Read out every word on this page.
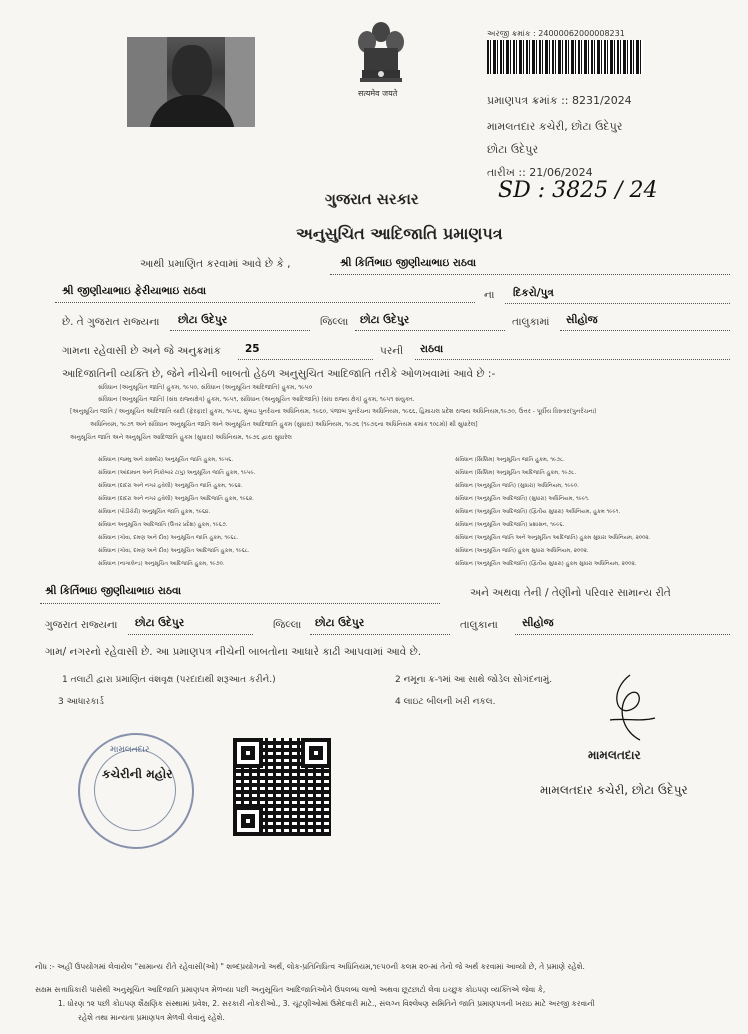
सत्यमेव जयते
અરજી ક્રમાંક : 24000062000008231
પ્રમાણપત્ર ક્રમાંક :: 8231/2024
મામલતદાર કચેરી, છોટા ઉદેપુર
છોટા ઉદેપુર
તારીખ :: 21/06/2024
SD : 3825 / 24
ગુજરાત સરકાર
અનુસુચિત આદિજાતિ પ્રમાણપત્ર
આથી પ્રમાણિત કરવામાં આવે છે કે ,	શ્રી કિર્તિભાઇ જીણીયાભાઇ રાઠવા
શ્રી જીણીયાભાઇ ફેરીયાભાઇ રાઠવા	ના દિકરો/પુત્ર
છે. તે ગુજરાત રાજ્યના છોટા ઉદેપુર	જિલ્લા છોટા ઉદેપુર	તાલુકામાં સીહોજ
ગામના રહેવાસી છે અને જે અનુક્રમાંક 25	પરની રાઠવા
આદિજાતિની વ્યક્તિ છે, જેને નીચેની બાબતો હેઠળ અનુસુચિત આદિજાતિ તરીકે ઓળખવામાં આવે છે :-
સંવિધાન (અનુસૂચિત જાતિ) હુકમ, ૧૯૫૦, સંવિધાન (અનુસૂચિત આદિજાતિ) હુકમ, ૧૯૫૦
સંવિધાન (અનુસૂચિત જાતિ) (સંઘ રાજ્યક્ષેત્ર) હુકમ, ૧૯૫૧, સંવિધાન (અનુસૂચિત આદિજાતિ) (સંઘ રાજ્ય ક્ષેત્ર) હુકમ, ૧૯૫૧ સંયુક્ત.
[અનુસૂચિત જાતિ / અનુસૂચિત આદિજાતિ યાદી (ફેરફાર) હુકમ, ૧૯૫૬, મુંબઇ પુનર્રચના અધિનિયમ, ૧૯૬૦, પંજાબ પુનર્રચના અધિનિયમ, ૧૯૬૬, હિમાચલ પ્રદેશ રાજ્ય અધિનિયમ,૧૯૭૦, ઉત્તર - પૂર્વીય વિસ્તાર(પુનર્રચના)
અધિનિયમ, ૧૯૭૧ અને સંવિધાન અનુસૂચિત જાતિ અને અનુસૂચિત આદિજાતિ હુકમ (સુધારા) અધિનિયમ, ૧૯૭૬ (૧૯૭૬ના અધિનિયમ ક્રમાંક ૧૦૮મો) થી સુધારેલ]
અનુસૂચિત જાતિ અને અનુસૂચિત આદિજાતિ હુકમ (સુધારા) અધિનિયમ, ૧૯૭૬ દ્વારા સુધારેલ
સંવિધાન (જમ્મુ અને કાશ્મીર) અનુસૂચિત જાતિ હુકમ, ૧૯૫૬.
સંવિધાન (આંદામાન અને નિકોબાર ટાપુ) અનુસૂચિત જાતિ હુકમ, ૧૯૫૯.
સંવિધાન (દાદરા અને નગર હવેલી) અનુસૂચિત જાતિ હુકમ, ૧૯૬૨.
સંવિધાન (દાદરા અને નગર હવેલી) અનુસૂચિત આદિજાતિ હુકમ, ૧૯૬૨.
સંવિધાન (પોંડીચેરી) અનુસૂચિત જાતિ હુકમ, ૧૯૬૪.
સંવિધાન અનુસૂચિત આદિજાતિ (ઉત્તર પ્રદેશ) હુકમ, ૧૯૬૭.
સંવિધાન (ગોવા, દમણ અને દીવ) અનુસૂચિત જાતિ હુકમ, ૧૯૬૮.
સંવિધાન (ગોવા, દમણ અને દીવ) અનુસૂચિત આદિજાતિ હુકમ, ૧૯૬૮.
સંવિધાન (નાગાલેન્ડ) અનુસૂચિત આદિજાતિ હુકમ, ૧૯૭૦.
સંવિધાન (સિક્કિમ) અનુસૂચિત જાતિ હુકમ, ૧૯૭૮.
સંવિધાન (સિક્કિમ) અનુસૂચિત આદિજાતિ હુકમ, ૧૯૭૮.
સંવિધાન (અનુસૂચિત જાતિ) (સુધારા) અધિનિયમ, ૧૯૯૦.
સંવિધાન (અનુસૂચિત આદિજાતિ) (સુધારા) અધિનિયમ, ૧૯૯૧.
સંવિધાન (અનુસૂચિત આદિજાતિ) (દ્વિતીય સુધારા) અધિનિયમ, હુકમ ૧૯૯૧.
સંવિધાન (અનુસૂચિત આદિજાતિ) પ્રશાસન, ૧૯૯૬.
સંવિધાન (અનુસૂચિત જાતિ અને અનુસૂચિત આદિજાતિ) હુકમ સુધારા અધિનિયમ, ૨૦૦૨.
સંવિધાન (અનુસૂચિત જાતિ) હુકમ સુધારા અધિનિયમ, ૨૦૦૨.
સંવિધાન (અનુસૂચિત આદિજાતિ) (દ્વિતીય સુધારા) હુકમ સુધારા અધિનિયમ, ૨૦૦૨.
શ્રી કિર્તિભાઇ જીણીયાભાઇ રાઠવા	અને અથવા તેની / તેણીનો પરિવાર સામાન્ય રીતે
ગુજરાત રાજ્યના છોટા ઉદેપુર	જિલ્લા છોટા ઉદેપુર	તાલુકાના સીહોજ
ગામ/ નગરનો રહેવાસી છે. આ પ્રમાણપત્ર નીચેની બાબતોના આધારે કાઢી આપવામાં આવે છે.
1 તલાટી દ્વારા પ્રમાણિત વંશવૃક્ષ (પરદાદાથી શરૂઆત કરીને.)	2 નમૂના ક્ર-૧માં આ સાથે જોડેલ સોગંદનામું.
3 આધારકાર્ડ	4 લાઇટ બીલની ખરી નકલ.
મામલતદાર
કચેરીની મહોર
મામલતદાર
મામલતદાર કચેરી, છોટા ઉદેપુર
નોંધ :- અહીં ઉપયોગમાં લેવાયેલ "સામાન્ય રીતે રહેવાસી(ઓ) " શબ્દપ્રયોગનો અર્થ, લોક-પ્રતિનિધિત્વ અધિનિયમ,૧૯૫૦ની કલમ ૨૦-માં તેનો જે અર્થ કરવામાં આવ્યો છે, તે પ્રમાણે રહેશે.
સક્ષમ સત્તાધિકારી પાસેથી અનુસૂચિત આદિજાતિ પ્રમાણપત્ર મેળવ્યા પછી અનુસૂચિત આદિજાતિઓને ઉપલબ્ધ લાભો અથવા છૂટછાટો લેવા ઇચ્છુક કોઇપણ વ્યક્તિએ જેવા કે,
1. ધોરણ ૧૨ પછી કોઇપણ શૈક્ષણિક સંસ્થામાં પ્રવેશ, 2. સરકારી નોકરીઓ., 3. ચૂંટણીઓમાં ઉમેદવારી માટે., સંલગ્ન વિશ્લેષણ સમિતિને જાતિ પ્રમાણપત્રની ખરાઇ માટે અરજી કરવાની
રહેશે તથા માન્યતા પ્રમાણપત્ર મેળવી લેવાનું રહેશે.
